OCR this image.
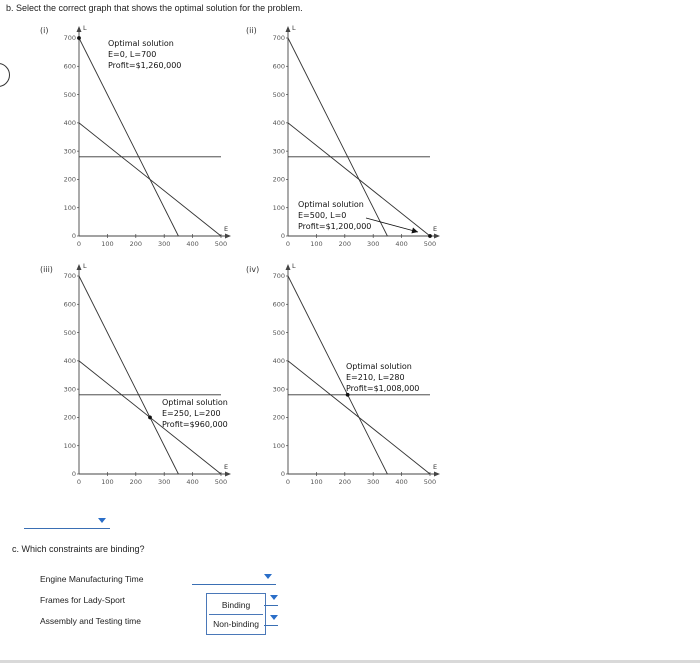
b. Select the correct graph that shows the optimal solution for the problem.
(i)
E
L
0	100 200 300 400 500
0
100
200
300
400
500
600
700
Optimal solution
E=0, L=700
Profit=$1,260,000
(ii)
E
L
0	100 200 300 400 500
0
100
200
300
400
500
600
700
Optimal solution
E=500, L=0
Profit=$1,200,000
(iii)
E
L
0	100 200 300 400 500
0
100
200
300
400
500
600
700
Optimal solution
E=250, L=200
Profit=$960,000
(iv)
E
L
0	100 200 300 400 500
0
100
200
300
400
500
600
700
Optimal solution
E=210, L=280
Profit=$1,008,000
c. Which constraints are binding?
Engine Manufacturing Time
Frames for Lady-Sport
Assembly and Testing time
Binding
Non-binding
